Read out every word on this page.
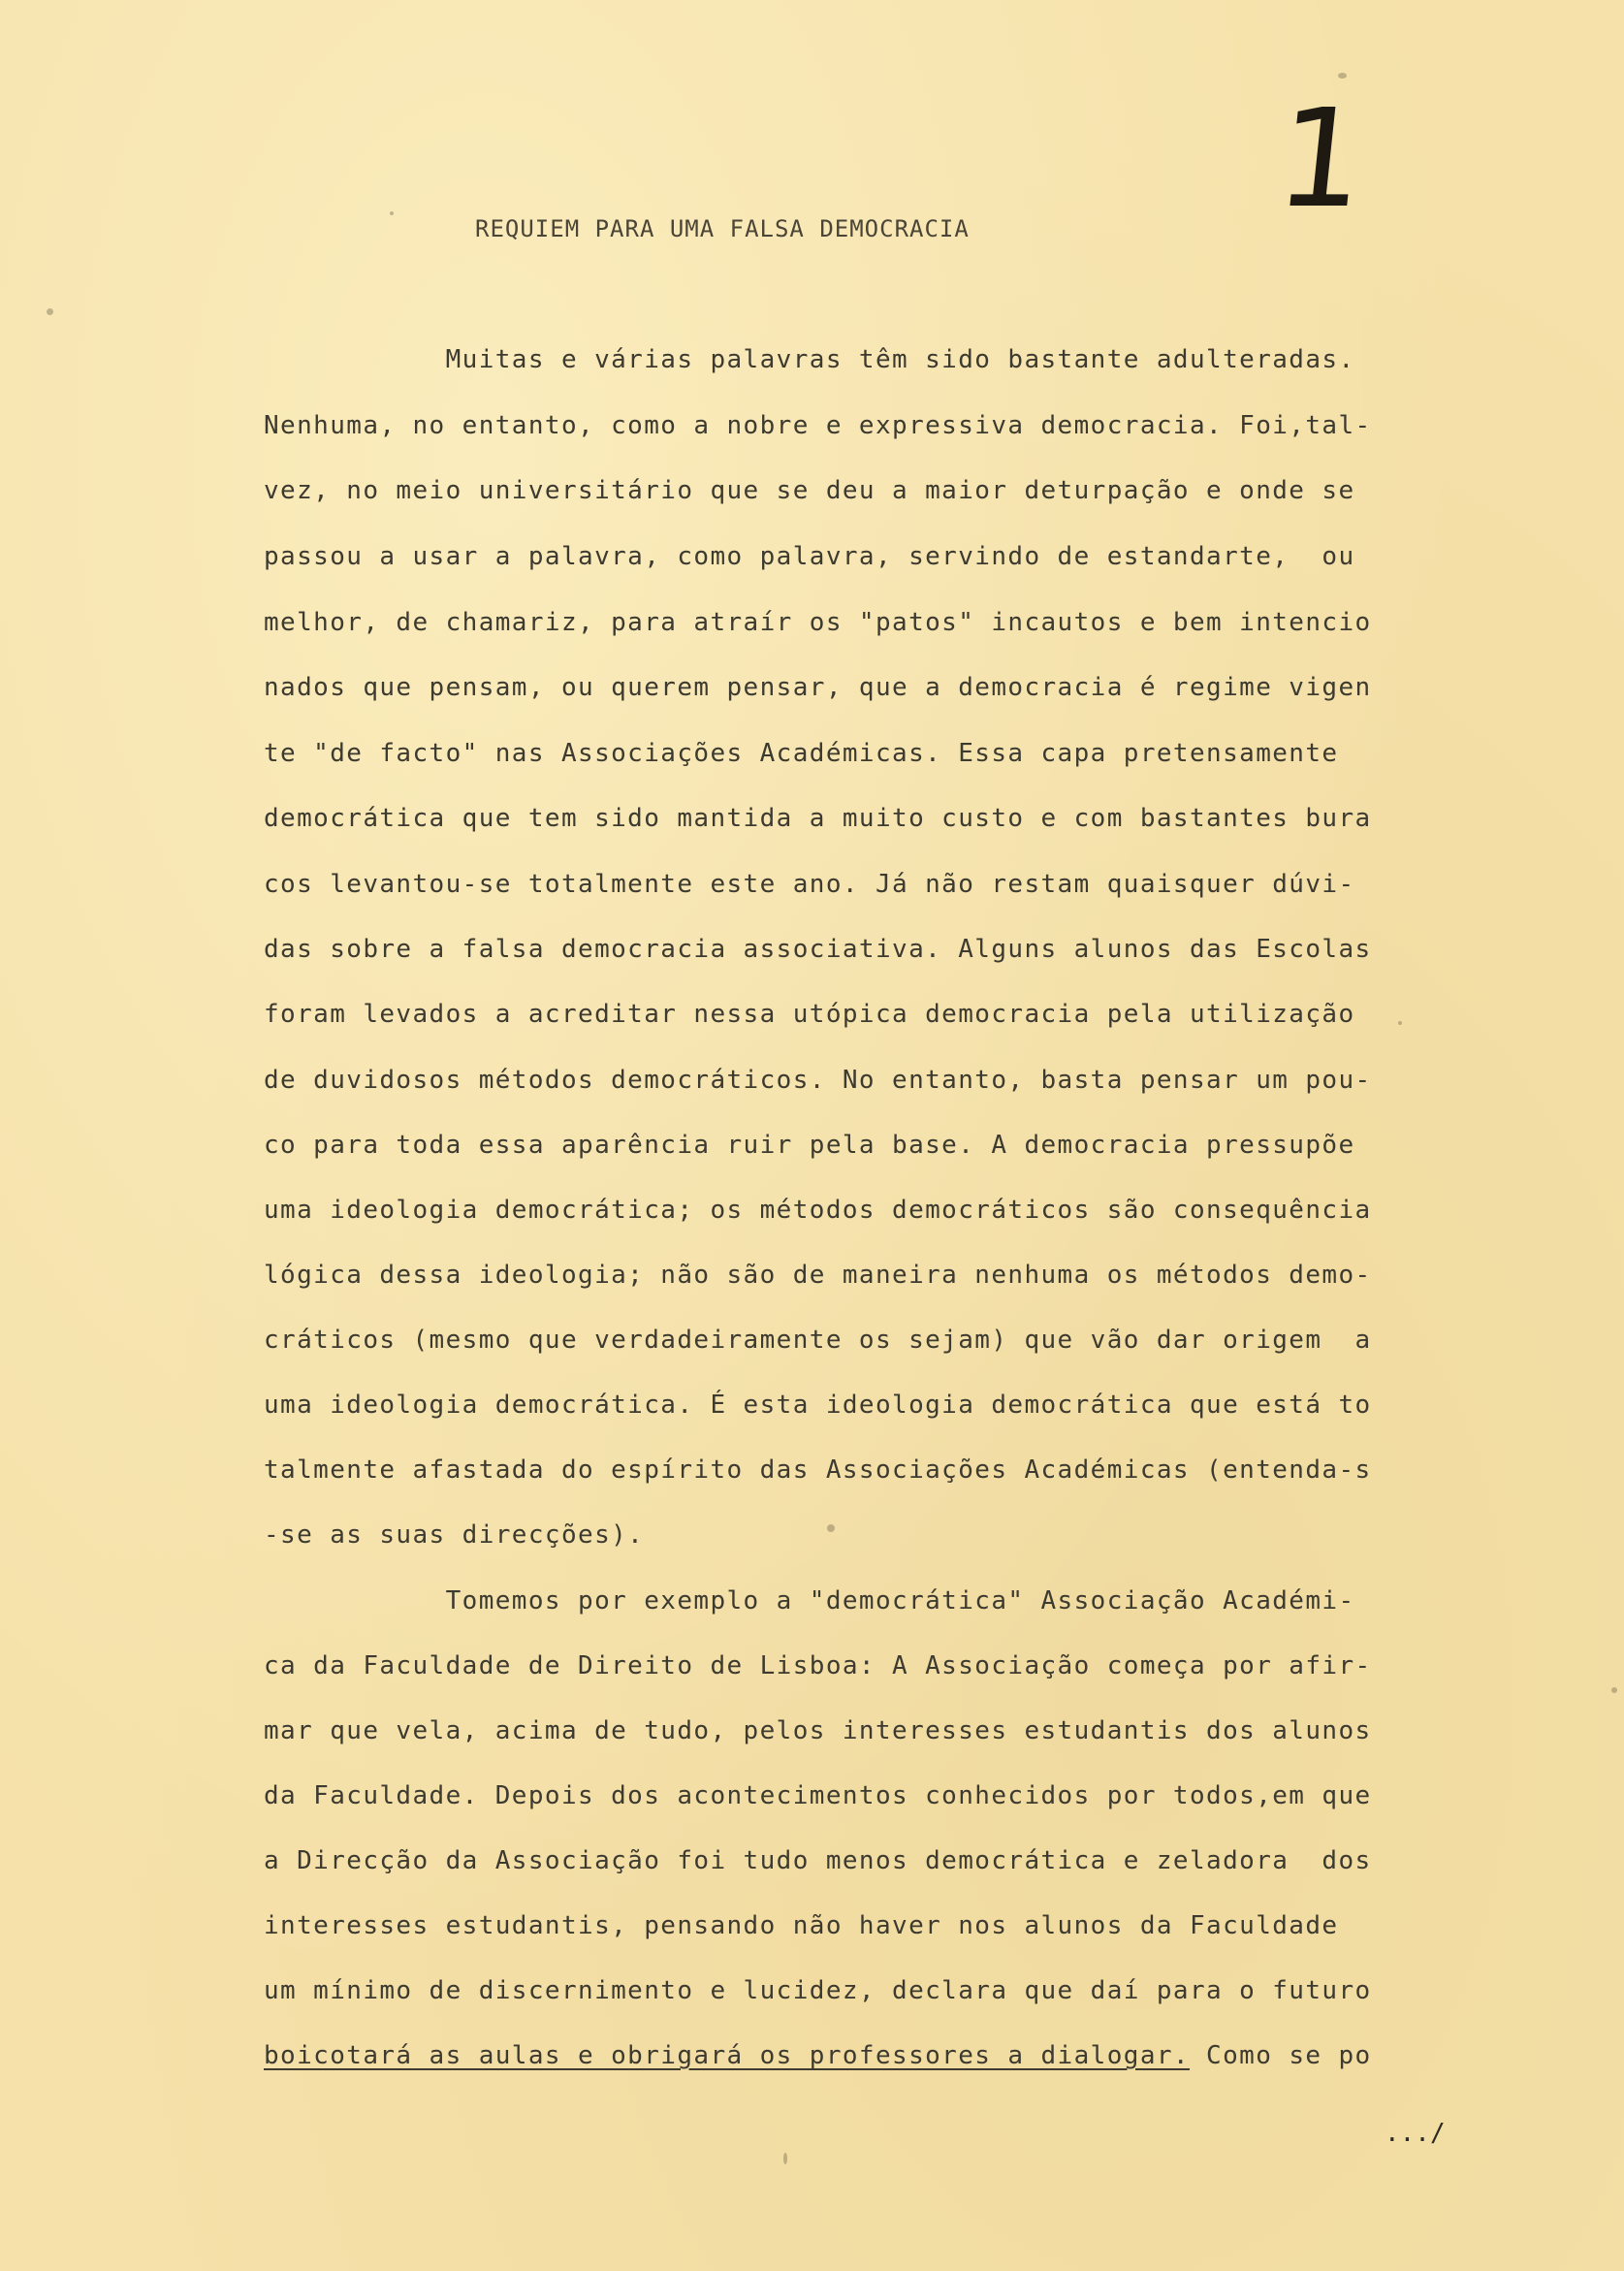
1
REQUIEM PARA UMA FALSA DEMOCRACIA
Muitas e várias palavras têm sido bastante adulteradas.
Nenhuma, no entanto, como a nobre e expressiva democracia. Foi,tal-
vez, no meio universitário que se deu a maior deturpação e onde se
passou a usar a palavra, como palavra, servindo de estandarte,  ou
melhor, de chamariz, para atraír os "patos" incautos e bem intencio
nados que pensam, ou querem pensar, que a democracia é regime vigen
te "de facto" nas Associações Académicas. Essa capa pretensamente
democrática que tem sido mantida a muito custo e com bastantes bura
cos levantou-se totalmente este ano. Já não restam quaisquer dúvi-
das sobre a falsa democracia associativa. Alguns alunos das Escolas
foram levados a acreditar nessa utópica democracia pela utilização
de duvidosos métodos democráticos. No entanto, basta pensar um pou-
co para toda essa aparência ruir pela base. A democracia pressupõe
uma ideologia democrática; os métodos democráticos são consequência
lógica dessa ideologia; não são de maneira nenhuma os métodos demo-
cráticos (mesmo que verdadeiramente os sejam) que vão dar origem  a
uma ideologia democrática. É esta ideologia democrática que está to
talmente afastada do espírito das Associações Académicas (entenda-s
-se as suas direcções).
Tomemos por exemplo a "democrática" Associação Académi-
ca da Faculdade de Direito de Lisboa: A Associação começa por afir-
mar que vela, acima de tudo, pelos interesses estudantis dos alunos
da Faculdade. Depois dos acontecimentos conhecidos por todos,em que
a Direcção da Associação foi tudo menos democrática e zeladora  dos
interesses estudantis, pensando não haver nos alunos da Faculdade
um mínimo de discernimento e lucidez, declara que daí para o futuro
boicotará as aulas e obrigará os professores a dialogar. Como se po
.../
